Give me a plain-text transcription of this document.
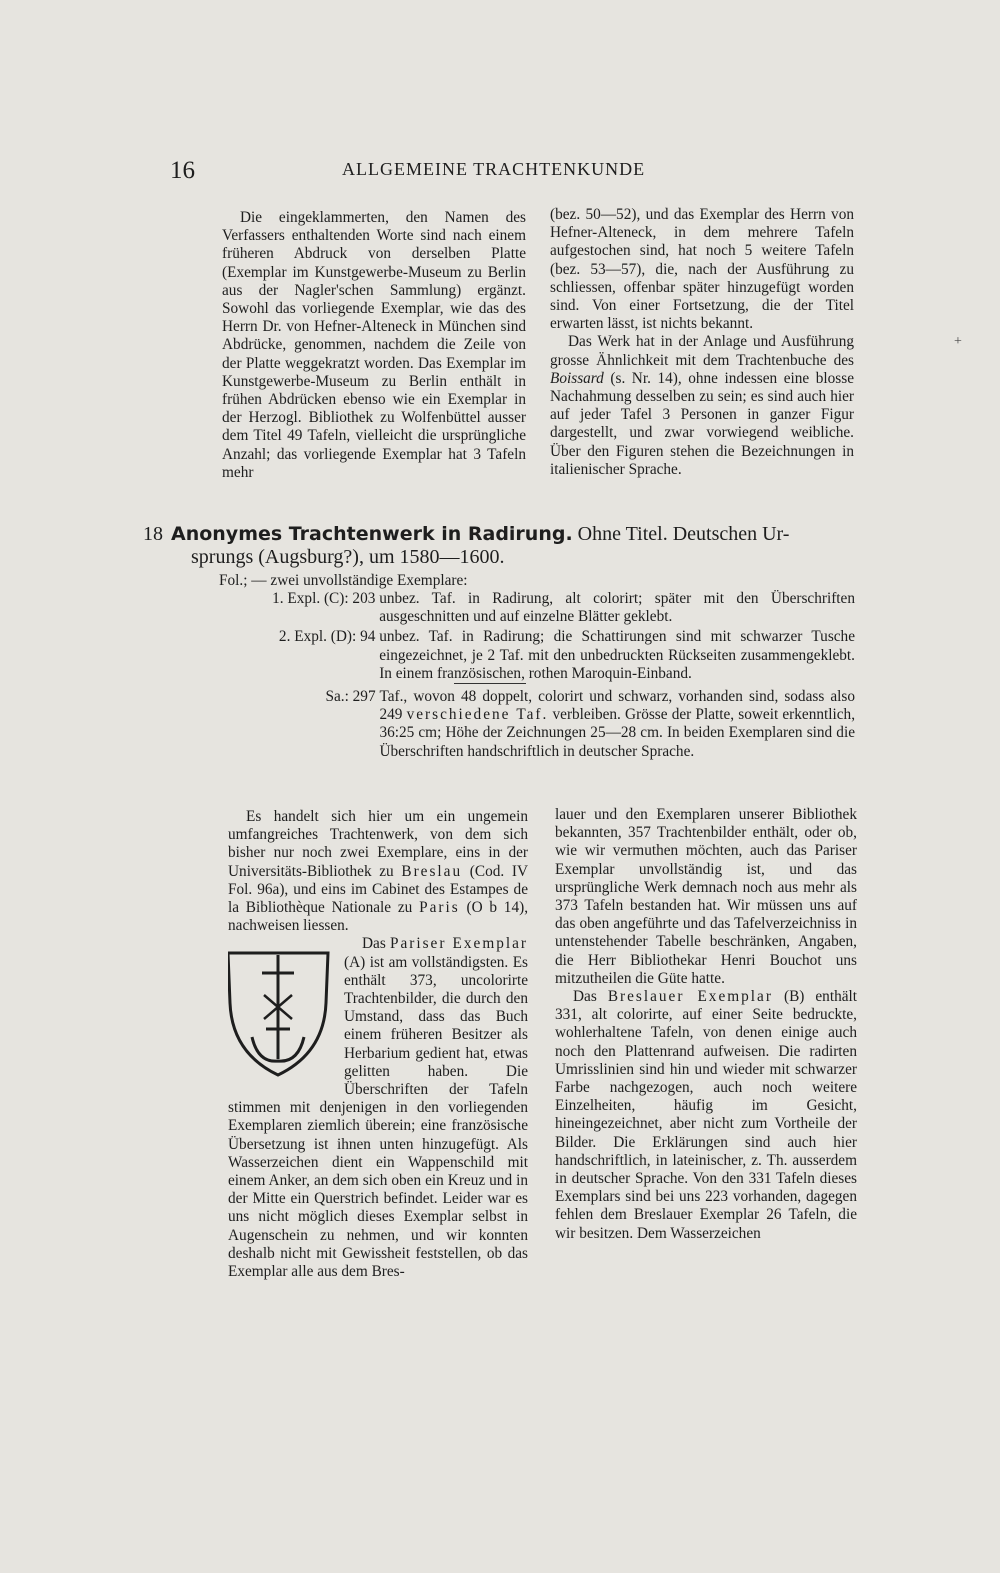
16	ALLGEMEINE TRACHTENKUNDE

Die eingeklammerten, den Namen des Verfassers enthaltenden Worte sind nach einem früheren Abdruck von derselben Platte (Exemplar im Kunstgewerbe-Museum zu Berlin aus der Nagler'schen Sammlung) ergänzt. Sowohl das vorliegende Exemplar, wie das des Herrn Dr. von Hefner-Alteneck in München sind Abdrücke, genommen, nachdem die Zeile von der Platte weggekratzt worden. Das Exemplar im Kunstgewerbe-Museum zu Berlin enthält in frühen Abdrücken ebenso wie ein Exemplar in der Herzogl. Bibliothek zu Wolfenbüttel ausser dem Titel 49 Tafeln, vielleicht die ursprüngliche Anzahl; das vorliegende Exemplar hat 3 Tafeln mehr

(bez. 50—52), und das Exemplar des Herrn von Hefner-Alteneck, in dem mehrere Tafeln aufgestochen sind, hat noch 5 weitere Tafeln (bez. 53—57), die, nach der Ausführung zu schliessen, offenbar später hinzugefügt worden sind. Von einer Fortsetzung, die der Titel erwarten lässt, ist nichts bekannt.

Das Werk hat in der Anlage und Ausführung grosse Ähnlichkeit mit dem Trachtenbuche des Boissard (s. Nr. 14), ohne indessen eine blosse Nachahmung desselben zu sein; es sind auch hier auf jeder Tafel 3 Personen in ganzer Figur dargestellt, und zwar vorwiegend weibliche. Über den Figuren stehen die Bezeichnungen in italienischer Sprache.

+

18 Anonymes Trachtenwerk in Radirung. Ohne Titel. Deutschen Ur-

sprungs (Augsburg?), um 1580—1600.

Fol.; — zwei unvollständige Exemplare:

1. Expl. (C): 203
unbez. Taf. in Radirung, alt colorirt; später mit den Überschriften ausgeschnitten und auf einzelne Blätter geklebt.
2. Expl. (D): 94
unbez. Taf. in Radirung; die Schattirungen sind mit schwarzer Tusche eingezeichnet, je 2 Taf. mit den unbedruckten Rückseiten zusammengeklebt. In einem französischen, rothen Maroquin-Einband.
Sa.: 297
Taf., wovon 48 doppelt, colorirt und schwarz, vorhanden sind, sodass also 249 verschiedene Taf. verbleiben. Grösse der Platte, soweit erkenntlich, 36:25 cm; Höhe der Zeichnungen 25—28 cm. In beiden Exemplaren sind die Überschriften handschriftlich in deutscher Sprache.

Es handelt sich hier um ein ungemein umfangreiches Trachtenwerk, von dem sich bisher nur noch zwei Exemplare, eins in der Universitäts-Bibliothek zu Breslau (Cod. IV Fol. 96a), und eins im Cabinet des Estampes de la Bibliothèque Nationale zu Paris (O b 14), nachweisen liessen.

Das Pariser Exemplar (A) ist am vollständigsten. Es enthält 373, uncolorirte Trachtenbilder, die durch den Umstand, dass das Buch einem früheren Besitzer als Herbarium gedient hat, etwas gelitten haben. Die Überschriften der Tafeln stimmen mit denjenigen in den vorliegenden Exemplaren ziemlich überein; eine französische Übersetzung ist ihnen unten hinzugefügt. Als Wasserzeichen dient ein Wappenschild mit einem Anker, an dem sich oben ein Kreuz und in der Mitte ein Querstrich befindet. Leider war es uns nicht möglich dieses Exemplar selbst in Augenschein zu nehmen, und wir konnten deshalb nicht mit Gewissheit feststellen, ob das Exemplar alle aus dem Bres-

lauer und den Exemplaren unserer Bibliothek bekannten, 357 Trachtenbilder enthält, oder ob, wie wir vermuthen möchten, auch das Pariser Exemplar unvollständig ist, und das ursprüngliche Werk demnach noch aus mehr als 373 Tafeln bestanden hat. Wir müssen uns auf das oben angeführte und das Tafelverzeichniss in untenstehender Tabelle beschränken, Angaben, die Herr Bibliothekar Henri Bouchot uns mitzutheilen die Güte hatte.

Das Breslauer Exemplar (B) enthält 331, alt colorirte, auf einer Seite bedruckte, wohlerhaltene Tafeln, von denen einige auch noch den Plattenrand aufweisen. Die radirten Umrisslinien sind hin und wieder mit schwarzer Farbe nachgezogen, auch noch weitere Einzelheiten, häufig im Gesicht, hineingezeichnet, aber nicht zum Vortheile der Bilder. Die Erklärungen sind auch hier handschriftlich, in lateinischer, z. Th. ausserdem in deutscher Sprache. Von den 331 Tafeln dieses Exemplars sind bei uns 223 vorhanden, dagegen fehlen dem Breslauer Exemplar 26 Tafeln, die wir besitzen. Dem Wasserzeichen
